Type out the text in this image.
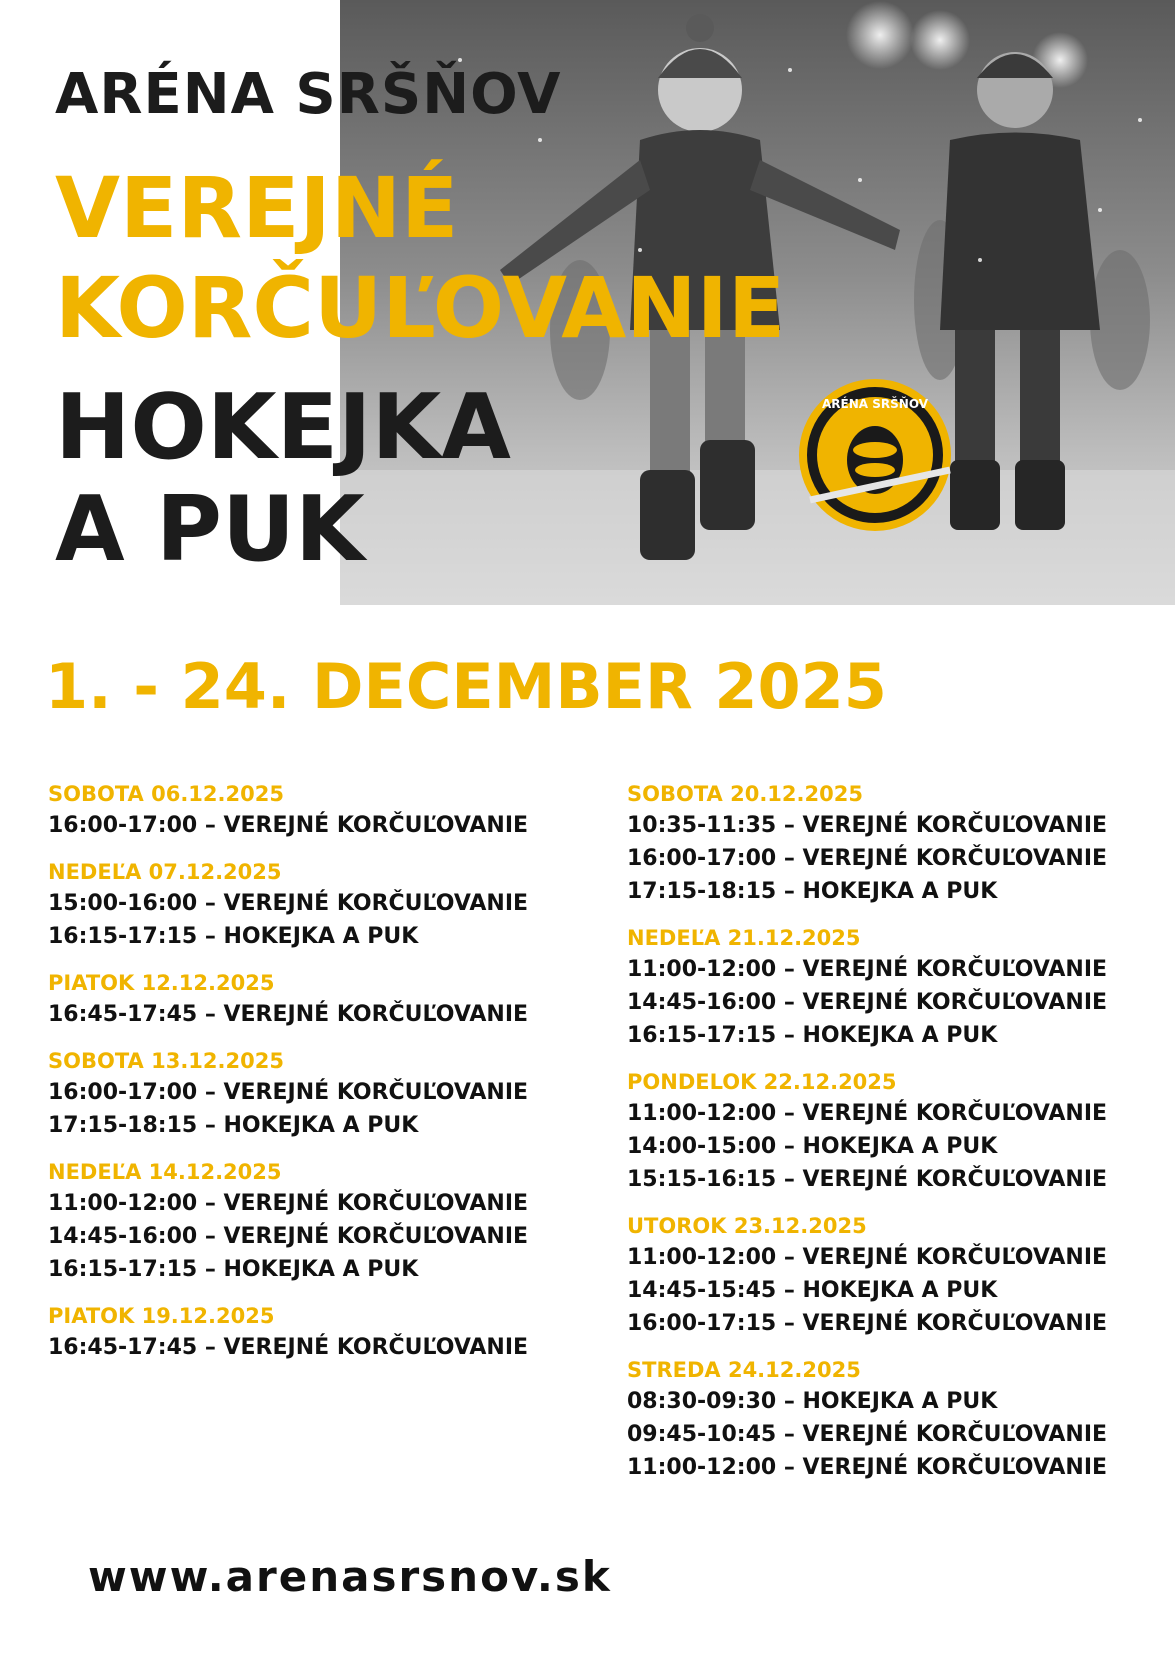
ARÉNA SRŠŇOV
ARÉNA SRŠŇOV
VEREJNÉ
KORČUĽOVANIE
HOKEJKA
A PUK
1. - 24. DECEMBER 2025
SOBOTA 06.12.2025
16:00-17:00 – VEREJNÉ KORČUĽOVANIE
NEDEĽA 07.12.2025
15:00-16:00 – VEREJNÉ KORČUĽOVANIE
16:15-17:15 – HOKEJKA A PUK
PIATOK 12.12.2025
16:45-17:45 – VEREJNÉ KORČUĽOVANIE
SOBOTA 13.12.2025
16:00-17:00 – VEREJNÉ KORČUĽOVANIE
17:15-18:15 – HOKEJKA A PUK
NEDEĽA 14.12.2025
11:00-12:00 – VEREJNÉ KORČUĽOVANIE
14:45-16:00 – VEREJNÉ KORČUĽOVANIE
16:15-17:15 – HOKEJKA A PUK
PIATOK 19.12.2025
16:45-17:45 – VEREJNÉ KORČUĽOVANIE
SOBOTA 20.12.2025
10:35-11:35 – VEREJNÉ KORČUĽOVANIE
16:00-17:00 – VEREJNÉ KORČUĽOVANIE
17:15-18:15 – HOKEJKA A PUK
NEDEĽA 21.12.2025
11:00-12:00 – VEREJNÉ KORČUĽOVANIE
14:45-16:00 – VEREJNÉ KORČUĽOVANIE
16:15-17:15 – HOKEJKA A PUK
PONDELOK 22.12.2025
11:00-12:00 – VEREJNÉ KORČUĽOVANIE
14:00-15:00 – HOKEJKA A PUK
15:15-16:15 – VEREJNÉ KORČUĽOVANIE
UTOROK 23.12.2025
11:00-12:00 – VEREJNÉ KORČUĽOVANIE
14:45-15:45 – HOKEJKA A PUK
16:00-17:15 – VEREJNÉ KORČUĽOVANIE
STREDA 24.12.2025
08:30-09:30 – HOKEJKA A PUK
09:45-10:45 – VEREJNÉ KORČUĽOVANIE
11:00-12:00 – VEREJNÉ KORČUĽOVANIE
www.arenasrsnov.sk
